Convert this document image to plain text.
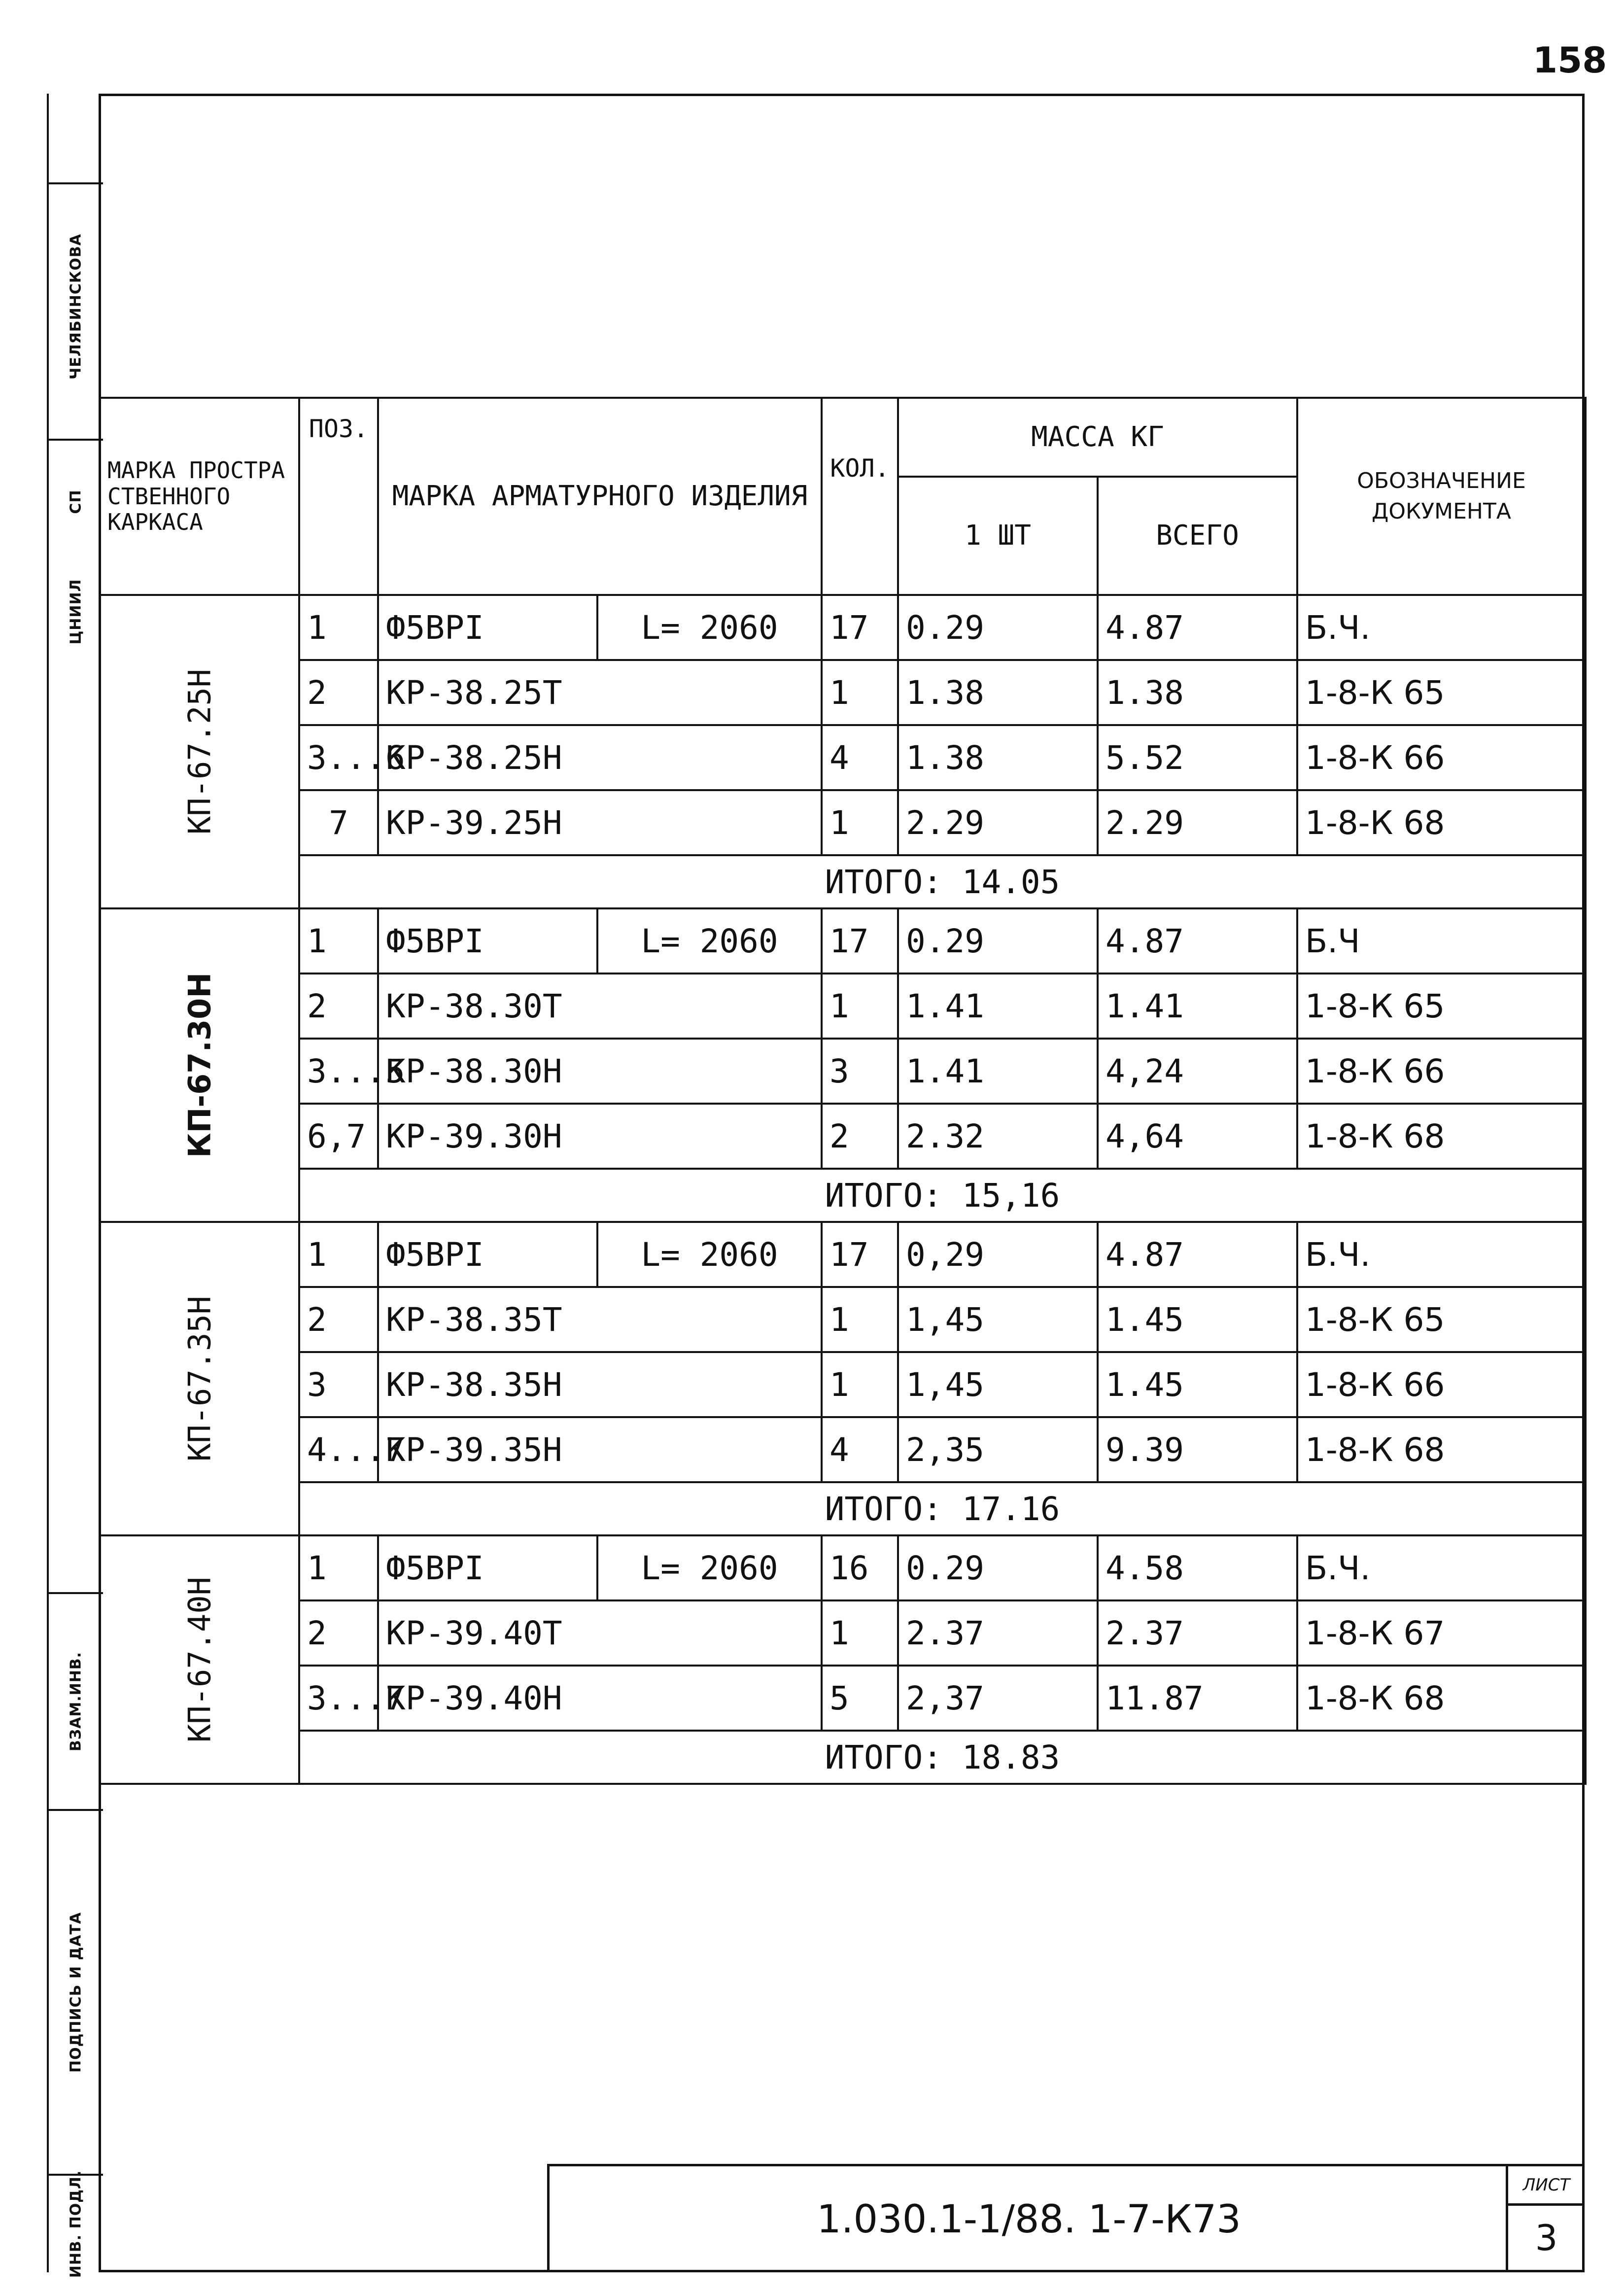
158
ЧЕЛЯБИНСКОВА
ЦНИИЛ
СП
ВЗАМ.ИНВ.
ПОДПИСЬ И ДАТА
ИНВ. ПОДЛ.
МАРКА ПРОСТРА СТВЕННОГО КАРКАСА	ПОЗ.	МАРКА АРМАТУРНОГО ИЗДЕЛИЯ		КОЛ.	МАССА КГ		ОБОЗНАЧЕНИЕ ДОКУМЕНТА
					1 ШТ	ВСЕГО	

КП-67.25Н	1	Ф5ВРI	L= 2060	17	0.29	4.87	Б.Ч.
	2	КР-38.25Т		1	1.38	1.38	1-8-К 65
	3...6	КР-38.25Н		4	1.38	5.52	1-8-К 66
	7	КР-39.25Н		1	2.29	2.29	1-8-К 68
	ИТОГО: 14.05						

КП-67.30Н	1	Ф5ВРI	L= 2060	17	0.29	4.87	Б.Ч
	2	КР-38.30Т		1	1.41	1.41	1-8-К 65
	3...5	КР-38.30Н		3	1.41	4,24	1-8-К 66
	6,7	КР-39.30Н		2	2.32	4,64	1-8-К 68
	ИТОГО: 15,16						

КП-67.35Н	1	Ф5ВРI	L= 2060	17	0,29	4.87	Б.Ч.
	2	КР-38.35Т		1	1,45	1.45	1-8-К 65
	3	КР-38.35Н		1	1,45	1.45	1-8-К 66
	4...7	КР-39.35Н		4	2,35	9.39	1-8-К 68
	ИТОГО: 17.16						

КП-67.40Н	1	Ф5ВРI	L= 2060	16	0.29	4.58	Б.Ч.
	2	КР-39.40Т		1	2.37	2.37	1-8-К 67
	3...7	КР-39.40Н		5	2,37	11.87	1-8-К 68
	ИТОГО: 18.83						
1.030.1-1/88. 1-7-К73
ЛИСТ
3
